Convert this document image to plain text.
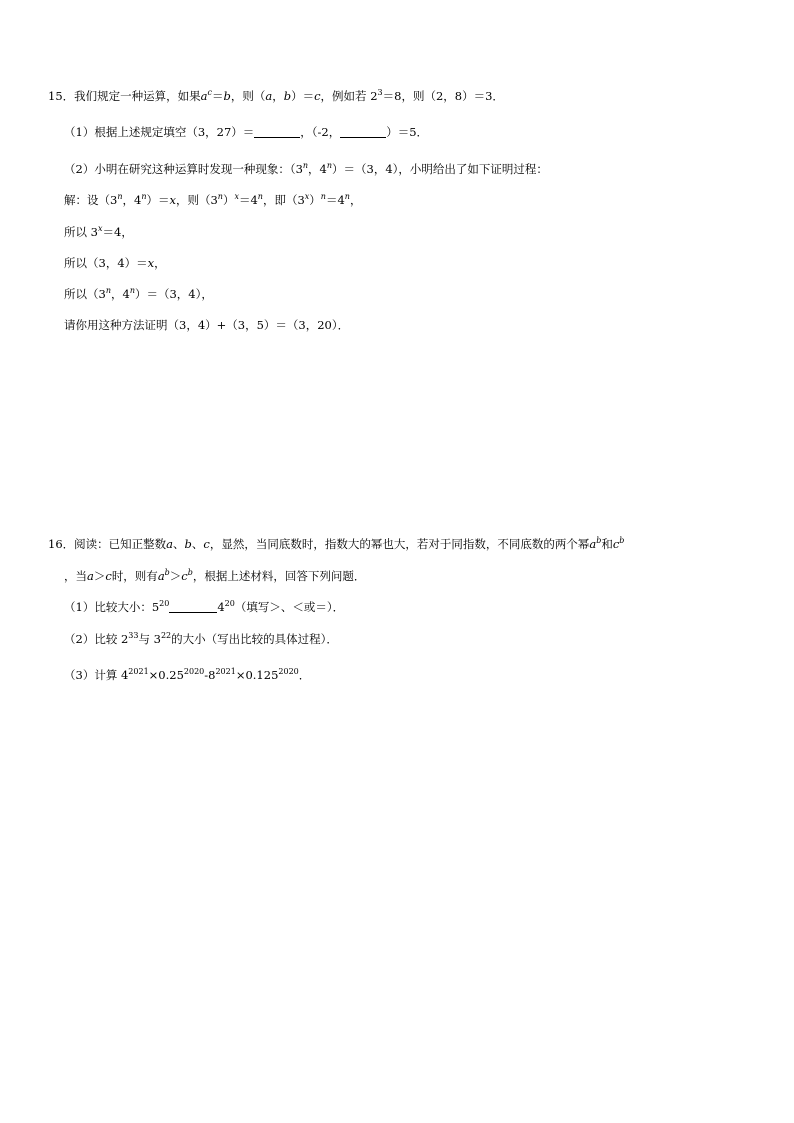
15．我们规定一种运算，如果$a^c=b$，则（a，b）＝c，例如若 $2^3=8$，则（2，8）＝3．
（1）根据上述规定填空（3，27）＝	，（-2，	）＝5．
（2）小明在研究这种运算时发现一种现象：（3$^n$，$4^n)=(3$，4），小明给出了如下证明过程：
解：设（3$^n$，$4^n)=x$，则$(3^n)^x=4^n$，即$(3^x)^n=4^n$，
所以 $3^x=4$，
所以（3，4）＝x，
所以（3$^n$，$4^n)=(3$，4），
请你用这种方法证明（3，4）+（3，5）＝（3，20）．
16．阅读：已知正整数a、b、c，显然，当同底数时，指数大的幂也大，若对于同指数，不同底数的两个幂$a^b$和$c^b$
，当a＞c时，则有$a^b>c^b$，根据上述材料，回答下列问题．
（1）比较大小：$5^{20}$	$4^{20}$（填写＞、＜或＝）．
（2）比较 $2^{33}$与 $3^{22}$的大小（写出比较的具体过程）．
（3）计算 $4^{2021}\times 0.25^{2020}-8^{2021}\times 0.125^{2020}$．
